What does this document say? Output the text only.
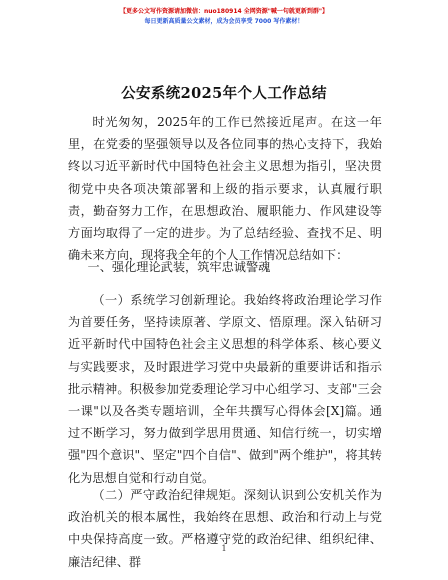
【更多公文写作资源请加微信：nuo180914 全网资源"喊一句就更新到群"】
每日更新高质量公文素材，成为会员享受 7000 写作素材！
公安系统2025年个人工作总结

时光匆匆，2025年的工作已然接近尾声。在这一年里，在党委的坚强领导以及各位同事的热心支持下，我始终以习近平新时代中国特色社会主义思想为指引，坚决贯彻党中央各项决策部署和上级的指示要求，认真履行职责，勤奋努力工作，在思想政治、履职能力、作风建设等方面均取得了一定的进步。为了总结经验、查找不足、明确未来方向，现将我全年的个人工作情况总结如下：

一、强化理论武装，筑牢忠诚警魂

（一）系统学习创新理论。我始终将政治理论学习作为首要任务，坚持读原著、学原文、悟原理。深入钻研习近平新时代中国特色社会主义思想的科学体系、核心要义与实践要求，及时跟进学习党中央最新的重要讲话和指示批示精神。积极参加党委理论学习中心组学习、支部"三会一课"以及各类专题培训，全年共撰写心得体会[X]篇。通过不断学习，努力做到学思用贯通、知信行统一，切实增强"四个意识"、坚定"四个自信"、做到"两个维护"，将其转化为思想自觉和行动自觉。

（二）严守政治纪律规矩。深刻认识到公安机关作为政治机关的根本属性，我始终在思想、政治和行动上与党中央保持高度一致。严格遵守党的政治纪律、组织纪律、廉洁纪律、群

1
